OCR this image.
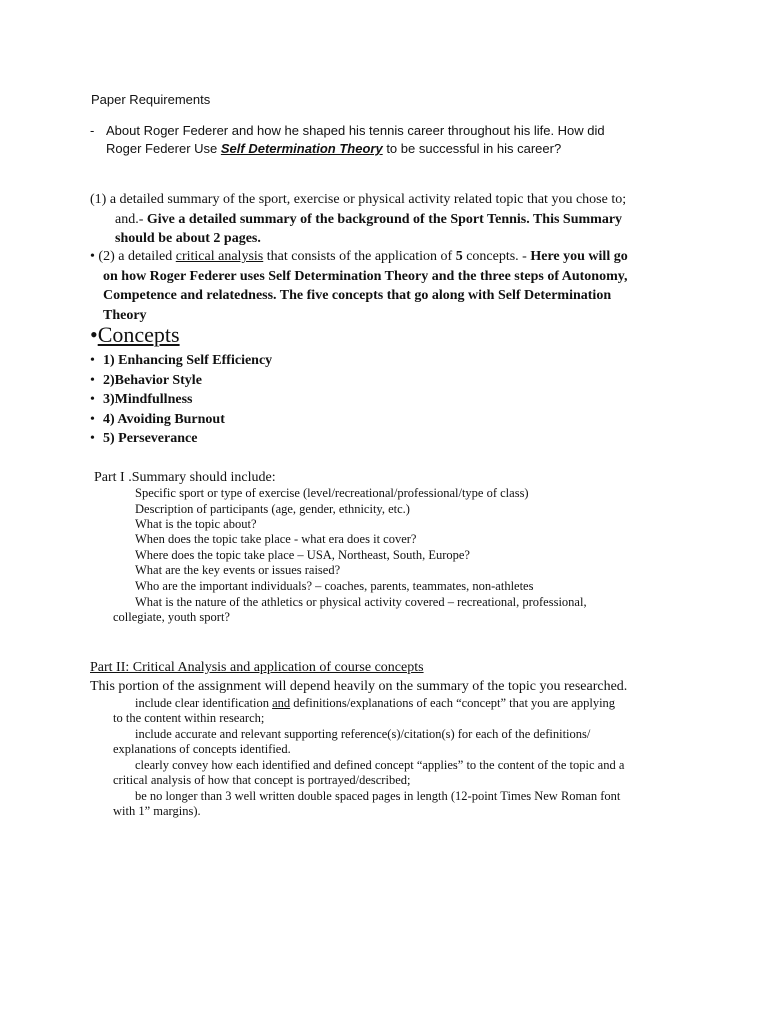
Paper Requirements
- About Roger Federer and how he shaped his tennis career throughout his life. How did
Roger Federer Use Self Determination Theory to be successful in his career?
(1) a detailed summary of the sport, exercise or physical activity related topic that you chose to;
and.- Give a detailed summary of the background of the Sport Tennis. This Summary
should be about 2 pages.
• (2) a detailed critical analysis that consists of the application of 5 concepts. - Here you will go
on how Roger Federer uses Self Determination Theory and the three steps of Autonomy,
Competence and relatedness. The five concepts that go along with Self Determination
Theory
•Concepts
• 1) Enhancing Self Efficiency
• 2)Behavior Style
• 3)Mindfullness
• 4) Avoiding Burnout
• 5) Perseverance
Part I .Summary should include:
Specific sport or type of exercise (level/recreational/professional/type of class)
Description of participants (age, gender, ethnicity, etc.)
What is the topic about?
When does the topic take place - what era does it cover?
Where does the topic take place – USA, Northeast, South, Europe?
What are the key events or issues raised?
Who are the important individuals? – coaches, parents, teammates, non-athletes
What is the nature of the athletics or physical activity covered – recreational, professional,
collegiate, youth sport?
Part II: Critical Analysis and application of course concepts
This portion of the assignment will depend heavily on the summary of the topic you researched.
include clear identification and definitions/explanations of each “concept” that you are applying
to the content within research;
include accurate and relevant supporting reference(s)/citation(s) for each of the definitions/
explanations of concepts identified.
clearly convey how each identified and defined concept “applies” to the content of the topic and a
critical analysis of how that concept is portrayed/described;
be no longer than 3 well written double spaced pages in length (12-point Times New Roman font
with 1” margins).
